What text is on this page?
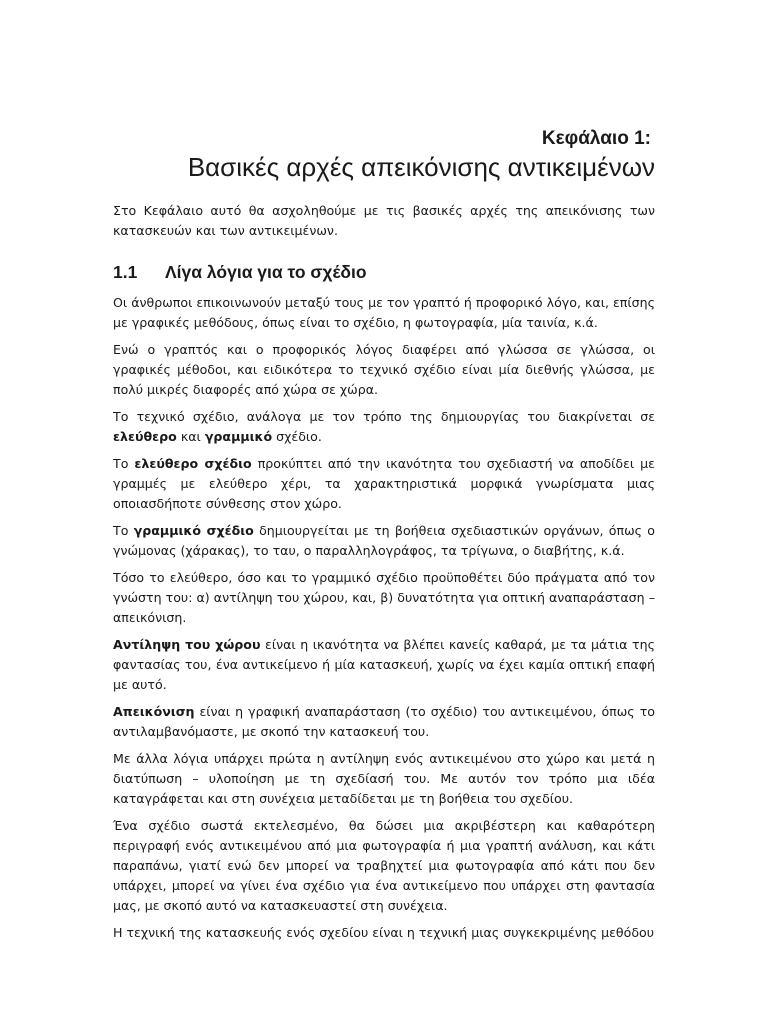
Κεφάλαιο 1:
Βασικές αρχές απεικόνισης αντικειμένων

Στο Κεφάλαιο αυτό θα ασχοληθούμε με τις βασικές αρχές της απεικόνισης των κατασκευών και των αντικειμένων.

1.1	Λίγα λόγια για το σχέδιο

Οι άνθρωποι επικοινωνούν μεταξύ τους με τον γραπτό ή προφορικό λόγο, και, επίσης με γραφικές μεθόδους, όπως είναι το σχέδιο, η φωτογραφία, μία ταινία, κ.ά.

Ενώ ο γραπτός και ο προφορικός λόγος διαφέρει από γλώσσα σε γλώσσα, οι γραφικές μέθοδοι, και ειδικότερα το τεχνικό σχέδιο είναι μία διεθνής γλώσσα, με πολύ μικρές διαφορές από χώρα σε χώρα.

Το τεχνικό σχέδιο, ανάλογα με τον τρόπο της δημιουργίας του διακρίνεται σε ελεύθερο και γραμμικό σχέδιο.

Το ελεύθερο σχέδιο προκύπτει από την ικανότητα του σχεδιαστή να αποδίδει με γραμμές με ελεύθερο χέρι, τα χαρακτηριστικά μορφικά γνωρίσματα μιας οποιασδήποτε σύνθεσης στον χώρο.

Το γραμμικό σχέδιο δημιουργείται με τη βοήθεια σχεδιαστικών οργάνων, όπως ο γνώμονας (χάρακας), το ταυ, ο παραλληλογράφος, τα τρίγωνα, ο διαβήτης, κ.ά.

Τόσο το ελεύθερο, όσο και το γραμμικό σχέδιο προϋποθέτει δύο πράγματα από τον γνώστη του: α) αντίληψη του χώρου, και, β) δυνατότητα για οπτική αναπαράσταση – απεικόνιση.

Αντίληψη του χώρου είναι η ικανότητα να βλέπει κανείς καθαρά, με τα μάτια της φαντασίας του, ένα αντικείμενο ή μία κατασκευή, χωρίς να έχει καμία οπτική επαφή με αυτό.

Απεικόνιση είναι η γραφική αναπαράσταση (το σχέδιο) του αντικειμένου, όπως το αντιλαμβανόμαστε, με σκοπό την κατασκευή του.

Με άλλα λόγια υπάρχει πρώτα η αντίληψη ενός αντικειμένου στο χώρο και μετά η διατύπωση – υλοποίηση με τη σχεδίασή του. Με αυτόν τον τρόπο μια ιδέα καταγράφεται και στη συνέχεια μεταδίδεται με τη βοήθεια του σχεδίου.

Ένα σχέδιο σωστά εκτελεσμένο, θα δώσει μια ακριβέστερη και καθαρότερη περιγραφή ενός αντικειμένου από μια φωτογραφία ή μια γραπτή ανάλυση, και κάτι παραπάνω, γιατί ενώ δεν μπορεί να τραβηχτεί μια φωτογραφία από κάτι που δεν υπάρχει, μπορεί να γίνει ένα σχέδιο για ένα αντικείμενο που υπάρχει στη φαντασία μας, με σκοπό αυτό να κατασκευαστεί στη συνέχεια.

Η τεχνική της κατασκευής ενός σχεδίου είναι η τεχνική μιας συγκεκριμένης μεθόδου
